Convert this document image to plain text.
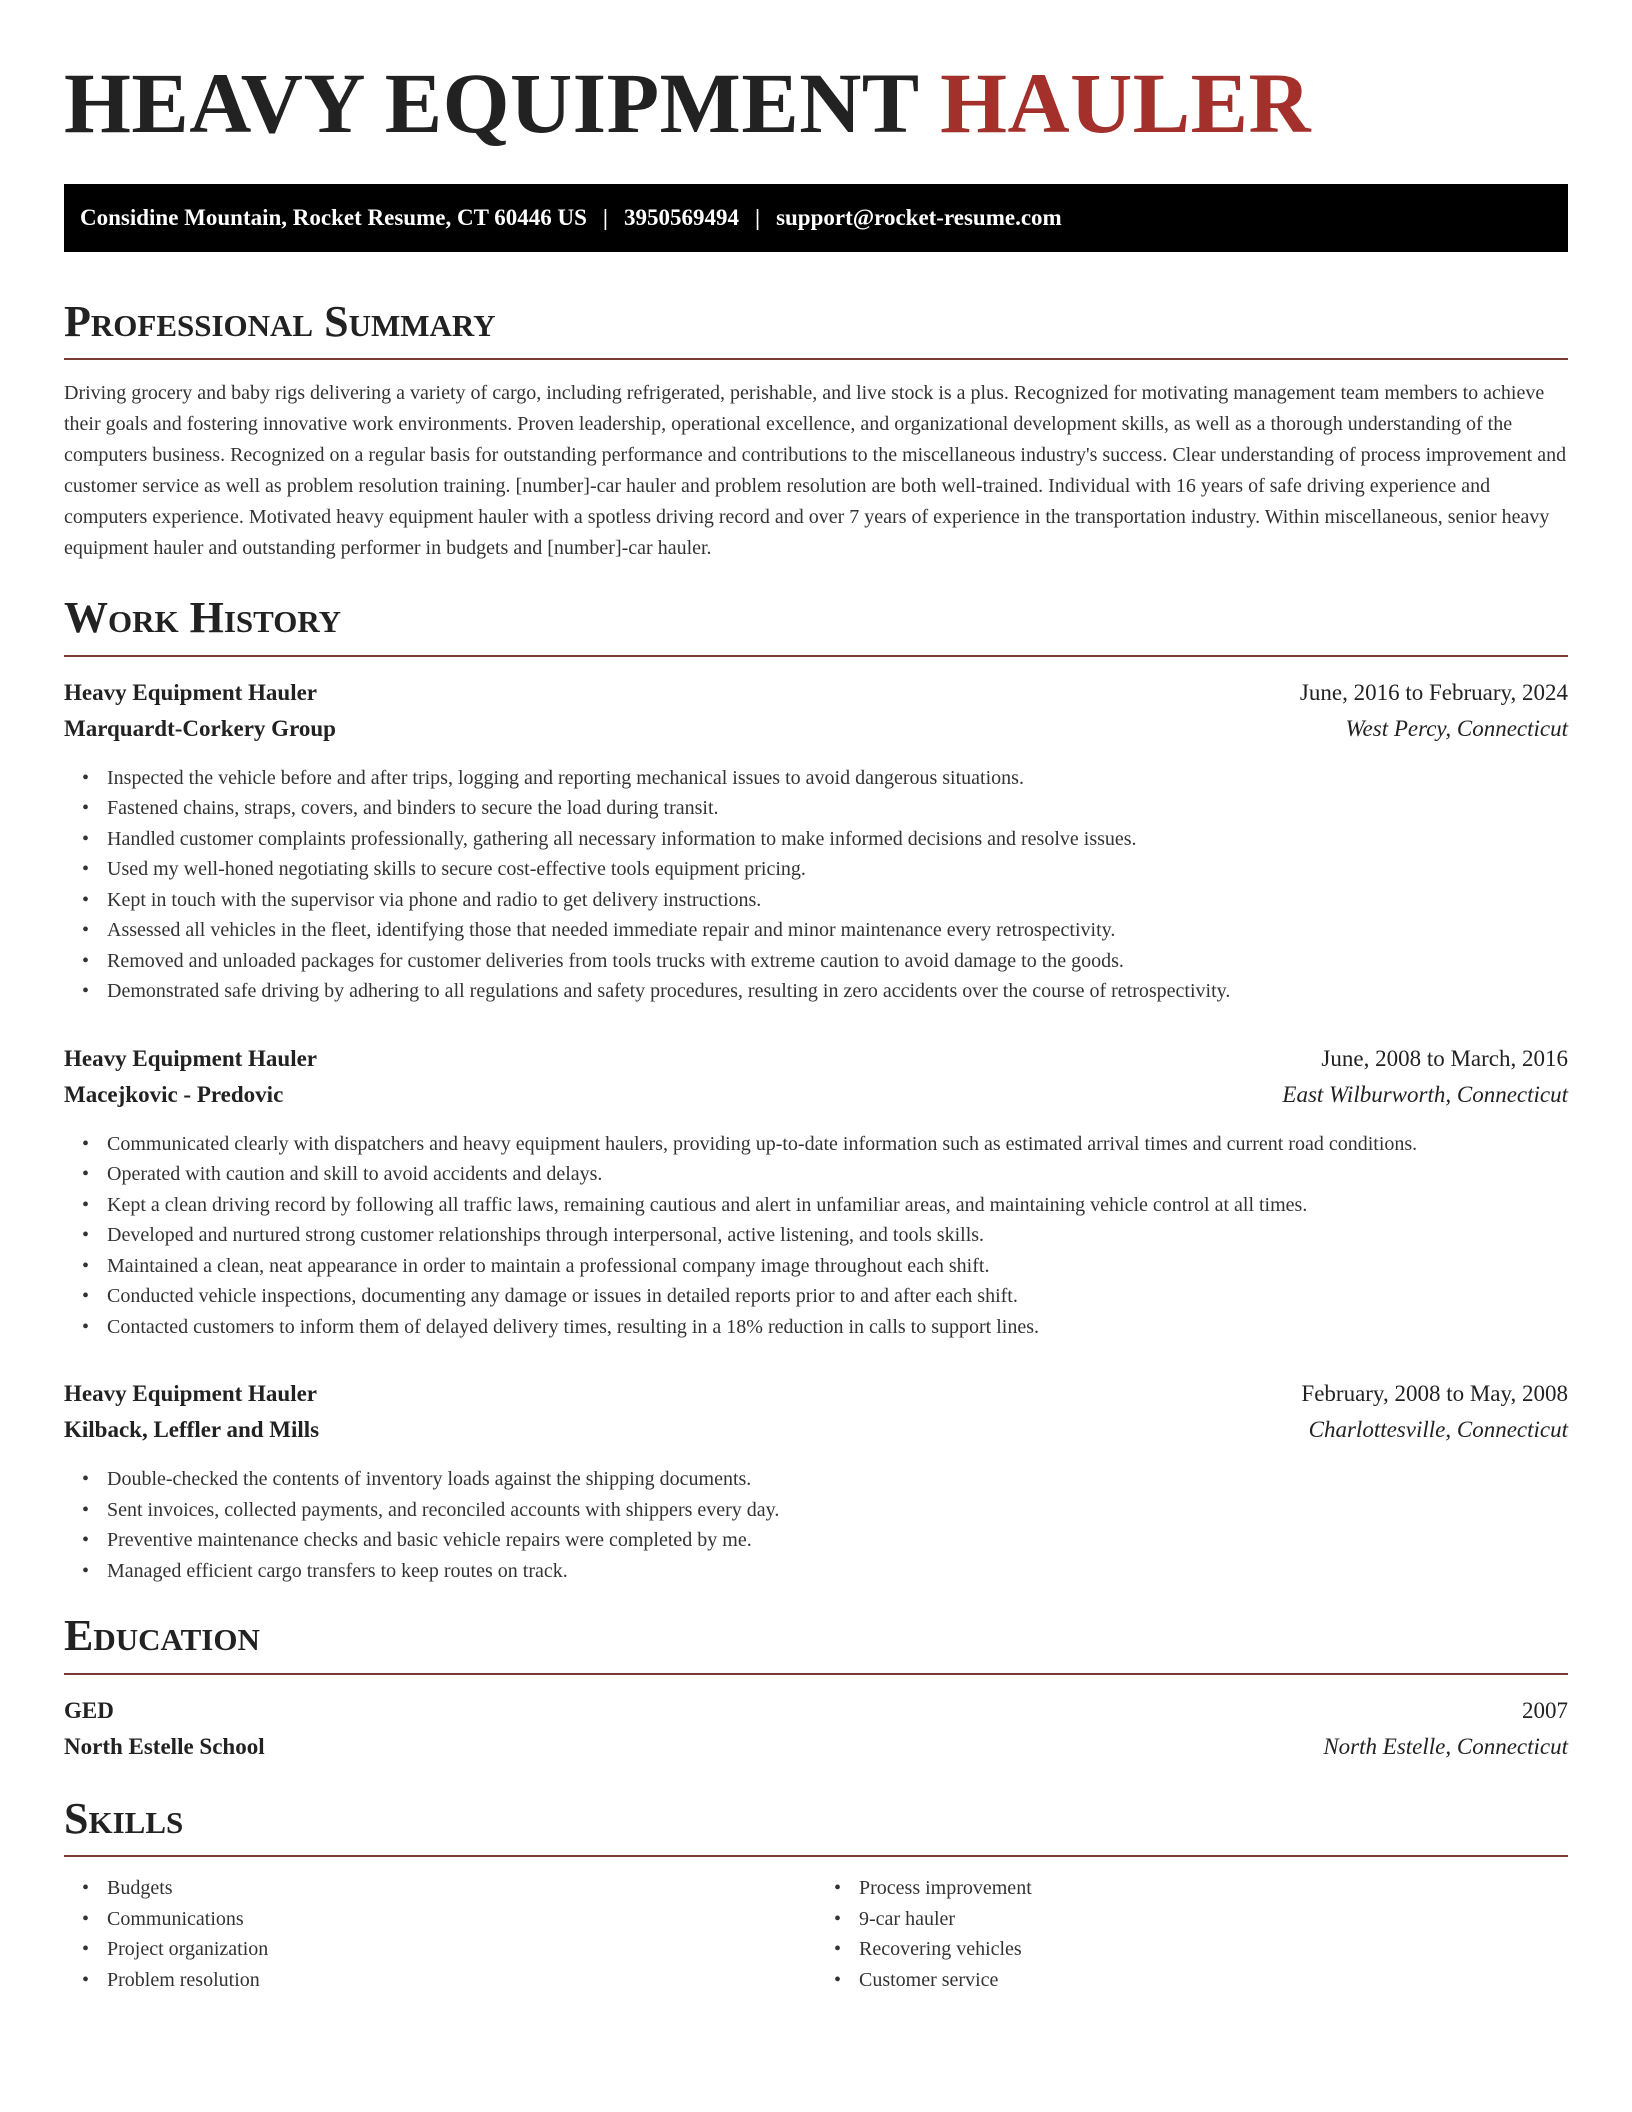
HEAVY EQUIPMENT HAULER
Considine Mountain, Rocket Resume, CT 60446 US | 3950569494 | support@rocket-resume.com
Professional Summary

Driving grocery and baby rigs delivering a variety of cargo, including refrigerated, perishable, and live stock is a plus. Recognized for motivating management team members to achieve their goals and fostering innovative work environments. Proven leadership, operational excellence, and organizational development skills, as well as a thorough understanding of the computers business. Recognized on a regular basis for outstanding performance and contributions to the miscellaneous industry's success. Clear understanding of process improvement and customer service as well as problem resolution training. [number]-car hauler and problem resolution are both well-trained. Individual with 16 years of safe driving experience and computers experience. Motivated heavy equipment hauler with a spotless driving record and over 7 years of experience in the transportation industry. Within miscellaneous, senior heavy equipment hauler and outstanding performer in budgets and [number]-car hauler.

Work History
Heavy Equipment Hauler	June, 2016 to February, 2024
Marquardt-Corkery Group	West Percy, Connecticut
• Inspected the vehicle before and after trips, logging and reporting mechanical issues to avoid dangerous situations.
• Fastened chains, straps, covers, and binders to secure the load during transit.
• Handled customer complaints professionally, gathering all necessary information to make informed decisions and resolve issues.
• Used my well-honed negotiating skills to secure cost-effective tools equipment pricing.
• Kept in touch with the supervisor via phone and radio to get delivery instructions.
• Assessed all vehicles in the fleet, identifying those that needed immediate repair and minor maintenance every retrospectivity.
• Removed and unloaded packages for customer deliveries from tools trucks with extreme caution to avoid damage to the goods.
• Demonstrated safe driving by adhering to all regulations and safety procedures, resulting in zero accidents over the course of retrospectivity.
Heavy Equipment Hauler	June, 2008 to March, 2016
Macejkovic - Predovic	East Wilburworth, Connecticut
• Communicated clearly with dispatchers and heavy equipment haulers, providing up-to-date information such as estimated arrival times and current road conditions.
• Operated with caution and skill to avoid accidents and delays.
• Kept a clean driving record by following all traffic laws, remaining cautious and alert in unfamiliar areas, and maintaining vehicle control at all times.
• Developed and nurtured strong customer relationships through interpersonal, active listening, and tools skills.
• Maintained a clean, neat appearance in order to maintain a professional company image throughout each shift.
• Conducted vehicle inspections, documenting any damage or issues in detailed reports prior to and after each shift.
• Contacted customers to inform them of delayed delivery times, resulting in a 18% reduction in calls to support lines.
Heavy Equipment Hauler	February, 2008 to May, 2008
Kilback, Leffler and Mills	Charlottesville, Connecticut
• Double-checked the contents of inventory loads against the shipping documents.
• Sent invoices, collected payments, and reconciled accounts with shippers every day.
• Preventive maintenance checks and basic vehicle repairs were completed by me.
• Managed efficient cargo transfers to keep routes on track.
Education
GED	2007
North Estelle School	North Estelle, Connecticut
Skills
• Budgets
• Communications
• Project organization
• Problem resolution
• Process improvement
• 9-car hauler
• Recovering vehicles
• Customer service
